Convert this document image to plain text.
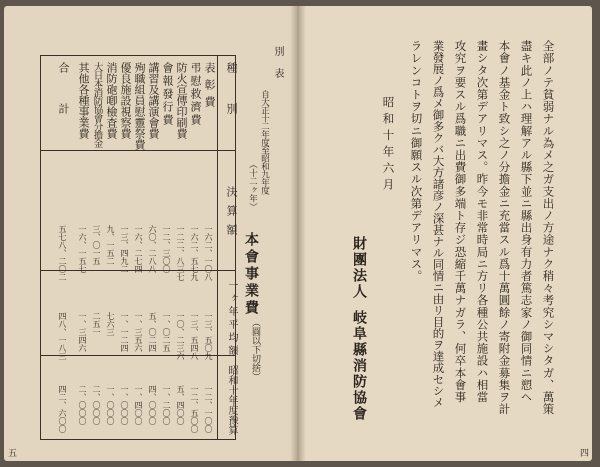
四
全部ノテ貧弱ナル為メ之ガ支出ノ方途ナク稍々考究シマシタガ、萬策
盡キ此ノ上ハ理解アル縣下並ニ縣出身有力者篤志家ノ御同情ニ愬ヘ
本會ノ基金ト致シ之ノ分擔金ニ充當スル爲十萬圓餘ノ寄附金募集ヲ計
畫シタ次第デアリマス。昨今モ非常時局ニ方リ各種公共施設ハ相當
攻究ヲ要スル爲職ニ出費御多端ト存ジ恐縮千萬ナガラ、何卒本會事
業發展ノ爲メ御多クバ大方諸彦ノ深甚ナル同情ニ由リ目的ヲ達成セシメ
ラレンコトヲ切ニ御願スル次第デアリマス。
昭和十年六月
財團法人
岐阜縣消防協會
五
別表
本會事業費
（圓以下切捨）
自大正十二年度至昭和九年度
（十二ヶ年）
種別
決算額
一ヶ年平均額
昭和十年度豫算
表彰費
一六二、一〇八
一三、五〇九
一二、一〇〇
弔慰救濟費
一六二、五七九
一三、五四八
一二、五〇〇
防火宣傳印刷費
一二二、八三七
一〇、二三六
五、四〇〇
會報發行費
一二、三〇〇
一、〇二五
一、二〇〇
講習及講演會費
六〇、二八八
五、〇二四
四、〇〇〇
殉職組員慰靈祭費
一六、二七四
一、三五六
一、四〇〇
優良施設視察費
一三、四九二
一、一二四
一、〇〇〇
消防砲喞檢査費
九、一五二
七六三
一、〇〇〇
大日本消防協會分擔金
三、〇一五
二五一
二、〇〇〇
其他各種事業費
一六、一五七
一、三四六
二、〇〇〇
合計
五七八、二〇二
四八、一八三
四二、六〇〇
